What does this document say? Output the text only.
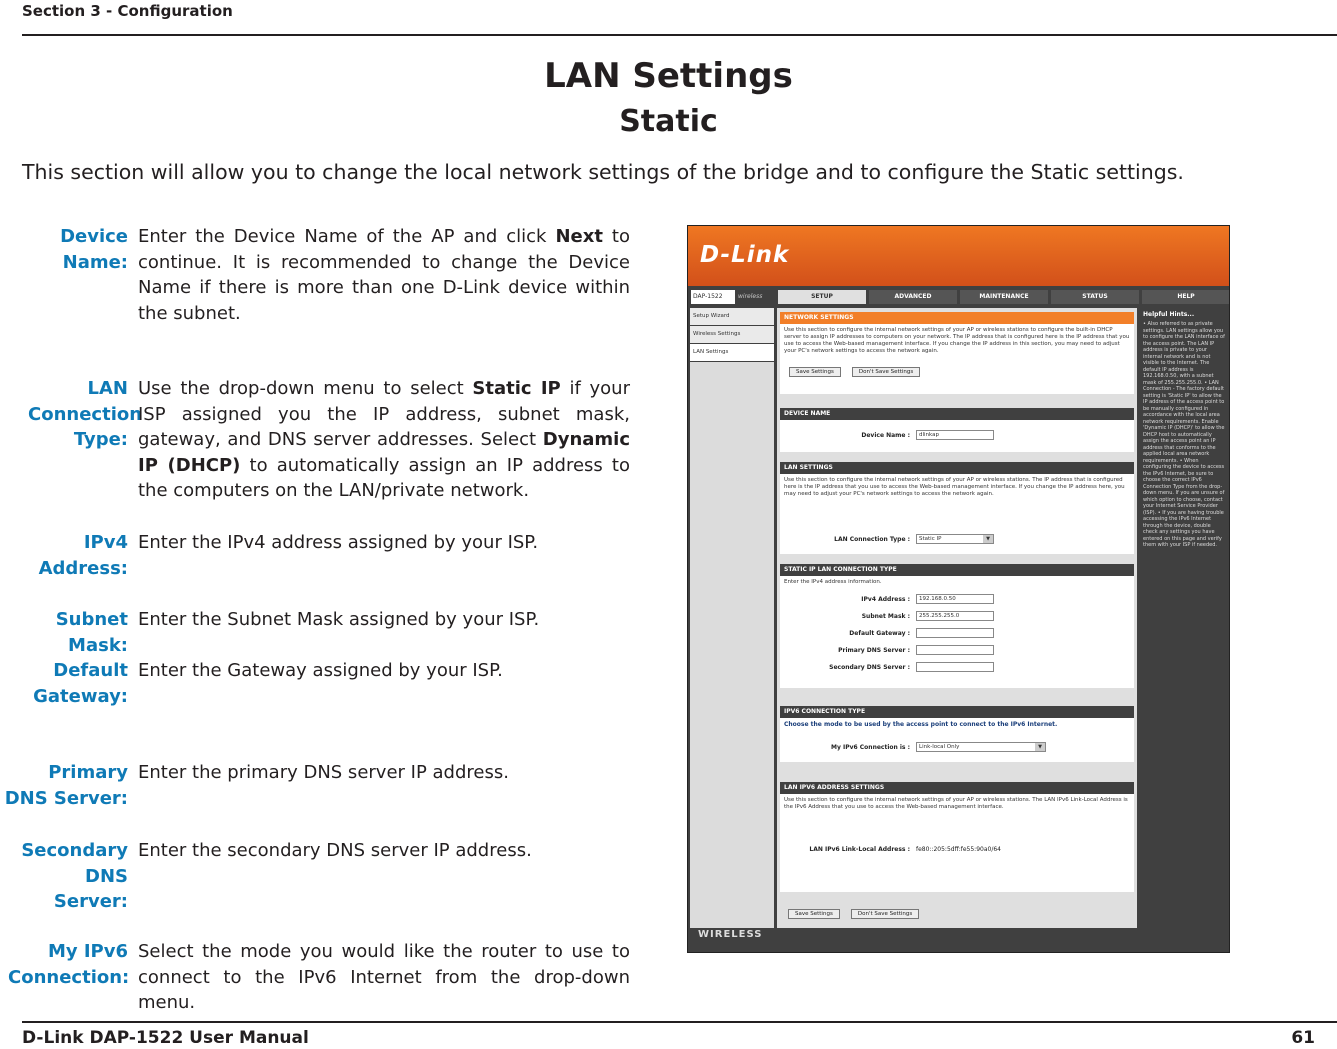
Section 3 - Configuration
LAN Settings
Static
This section will allow you to change the local network settings of the bridge and to configure the Static settings.
Device Name:
Enter the Device Name of the AP and click Next to continue. It is recommended to change the Device Name if there is more than one D-Link device within the subnet.
LAN Connection Type:
Use the drop-down menu to select Static IP if your ISP assigned you the IP address, subnet mask, gateway, and DNS server addresses. Select Dynamic IP (DHCP) to automatically assign an IP address to the computers on the LAN/private network.
IPv4 Address:
Enter the IPv4 address assigned by your ISP.
Subnet Mask:
Enter the Subnet Mask assigned by your ISP.
Default Gateway:
Enter the Gateway assigned by your ISP.
Primary DNS Server:
Enter the primary DNS server IP address.
Secondary DNS Server:
Enter the secondary DNS server IP address.
My IPv6 Connection:
Select the mode you would like the router to use to connect to the IPv6 Internet from the drop-down menu.
D-Link
DAP-1522	wireless	SETUP	ADVANCED	MAINTENANCE	STATUS	HELP
Setup Wizard
Wireless Settings
LAN Settings
NETWORK SETTINGS
Use this section to configure the internal network settings of your AP or wireless stations to configure the built-in DHCP server to assign IP addresses to computers on your network. The IP address that is configured here is the IP address that you use to access the Web-based management interface. If you change the IP address in this section, you may need to adjust your PC's network settings to access the network again.
Save Settings	Don't Save Settings
DEVICE NAME
Device Name :	dlinkap
LAN SETTINGS
Use this section to configure the internal network settings of your AP or wireless stations. The IP address that is configured here is the IP address that you use to access the Web-based management interface. If you change the IP address here, you may need to adjust your PC's network settings to access the network again.
LAN Connection Type :	Static IP ▼
STATIC IP LAN CONNECTION TYPE
Enter the IPv4 address information.
IPv4 Address :	192.168.0.50
Subnet Mask :	255.255.255.0
Default Gateway :
Primary DNS Server :
Secondary DNS Server :
IPV6 CONNECTION TYPE
Choose the mode to be used by the access point to connect to the IPv6 Internet.
My IPv6 Connection is :	Link-local Only ▼
LAN IPV6 ADDRESS SETTINGS
Use this section to configure the internal network settings of your AP or wireless stations. The LAN IPv6 Link-Local Address is the IPv6 Address that you use to access the Web-based management interface.
LAN IPv6 Link-Local Address : fe80::205:5dff:fe55:90a0/64
Save Settings	Don't Save Settings
Helpful Hints...
• Also referred to as private settings. LAN settings allow you to configure the LAN interface of the access point. The LAN IP address is private to your internal network and is not visible to the Internet. The default IP address is 192.168.0.50, with a subnet mask of 255.255.255.0. • LAN Connection - The factory default setting is 'Static IP' to allow the IP address of the access point to be manually configured in accordance with the local area network requirements. Enable 'Dynamic IP (DHCP)' to allow the DHCP host to automatically assign the access point an IP address that conforms to the applied local area network requirements. • When configuring the device to access the IPv6 Internet, be sure to choose the correct IPv6 Connection Type from the drop-down menu. If you are unsure of which option to choose, contact your Internet Service Provider (ISP). • If you are having trouble accessing the IPv6 Internet through the device, double check any settings you have entered on this page and verify them with your ISP if needed.
WIRELESS
D-Link DAP-1522 User Manual	61
